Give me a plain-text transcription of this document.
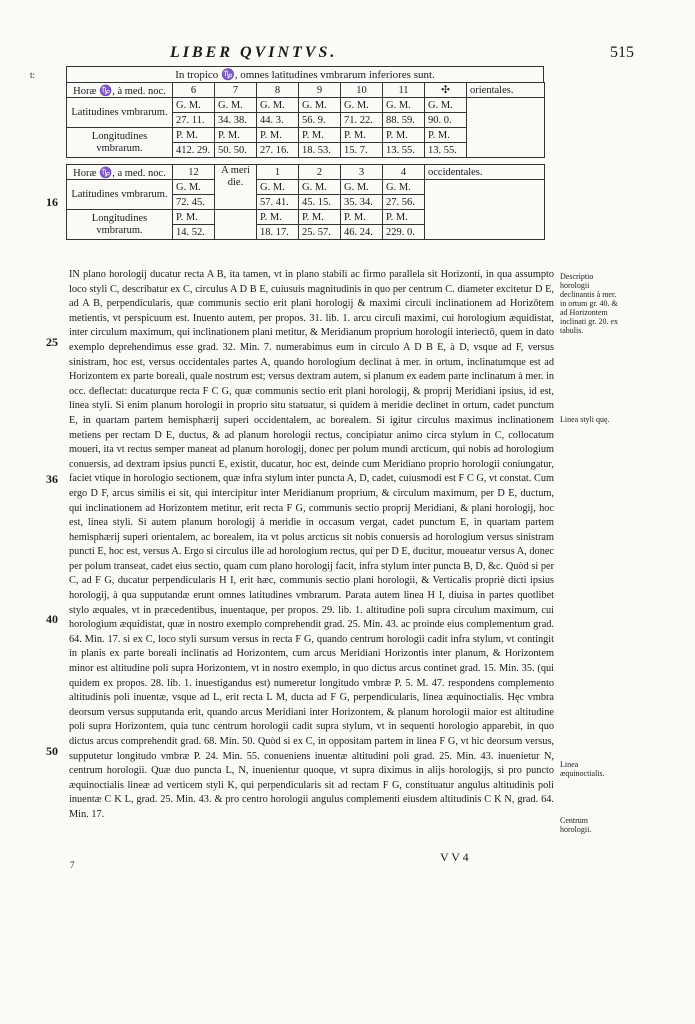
LIBER QVINTVS.	515
t:	In tropico ♑, omnes latitudines vmbrarum inferiores sunt.
Horæ ♑, à med. noc.	6	7	8	9	10	11	✣	orientales.
Latitudines vmbrarum.	G. M.	G. M.	G. M.	G. M.	G. M.	G. M.	G. M.	
	27. 11.	34. 38.	44. 3.	56. 9.	71. 22.	88. 59.	90. 0.	
Longitudines vmbrarum.	P. M.	P. M.	P. M.	P. M.	P. M.	P. M.	P. M.	
	412. 29.	50. 50.	27. 16.	18. 53.	15. 7.	13. 55.	13. 55.	
Horæ ♑, a med. noc.	12	A meri die.	1	2	3	4	occidentales.
Latitudines vmbrarum.	G. M.		G. M.	G. M.	G. M.	G. M.	
	72. 45.		57. 41.	45. 15.	35. 34.	27. 56.	
Longitudines vmbrarum.	P. M.		P. M.	P. M.	P. M.	P. M.	
	14. 52.		18. 17.	25. 57.	46. 24.	229. 0.	
16
25
36
40
50
Descriptio horologii declinantis à mer. in ortum gr. 40. & ad Horizontem inclinati gr. 20. ex tabulis.
Linea styli quę.
Linea æquinoctialis.
Centrum horologii.

IN plano horologij ducatur recta A B, ita tamen, vt in plano stabili ac firmo parallela sit Horizonti, in qua assumpto loco styli C, describatur ex C, circulus A D B E, cuiusuis magnitudinis in quo per centrum C. diameter excitetur D E, ad A B, perpendicularis, quæ communis sectio erit plani horologij & maximi circuli inclinationem ad Horizōtem metientis, vt perspicuum est. Inuento autem, per propos. 31. lib. 1. arcu circuli maximi, cui horologium æquidistat, inter circulum maximum, qui inclinationem plani metitur, & Meridianum proprium horologii interiectō, quem in dato exemplo deprehendimus esse grad. 32. Min. 7. numerabimus eum in circulo A D B E, à D, vsque ad F, versus sinistram, hoc est, versus occidentales partes A, quando horologium declinat à mer. in ortum, inclinatumque est ad Horizontem ex parte boreali, quale nostrum est; versus dextram autem, si planum ex eadem parte inclinatum à mer. in occ. deflectat: ducaturque recta F C G, quæ communis sectio erit plani horologij, & proprij Meridiani ipsius, id est, linea styli. Si enim planum horologii in proprio situ statuatur, si quidem à meridie declinet in ortum, cadet punctum E, in quartam partem hemisphærij superi occidentalem, ac borealem. Si igitur circulus maximus inclinationem metiens per rectam D E, ductus, & ad planum horologii rectus, concipiatur animo circa stylum in C, collocatum moueri, ita vt rectus semper maneat ad planum horologij, donec per polum mundi arcticum, qui nobis ad horologium conuersis, ad dextram ipsius puncti E, existit, ducatur, hoc est, deinde cum Meridiano proprio horologii coniungatur, faciet vtique in horologio sectionem, quæ infra stylum inter puncta A, D, cadet, cuiusmodi est F C G, vt constat. Cum ergo D F, arcus similis ei sit, qui intercipitur inter Meridianum proprium, & circulum maximum, per D E, ductum, qui inclinationem ad Horizontem metitur, erit recta F G, communis sectio proprij Meridiani, & plani horologij, hoc est, linea styli. Si autem planum horologij à meridie in occasum vergat, cadet punctum E, in quartam partem hemisphærij superi orientalem, ac borealem, ita vt polus arcticus sit nobis conuersis ad horologium versus sinistram puncti E, hoc est, versus A. Ergo si circulus ille ad horologium rectus, qui per D E, ducitur, moueatur versus A, donec per polum transeat, cadet eius sectio, quam cum plano horologij facit, infra stylum inter puncta B, D, &c. Quòd si per C, ad F G, ducatur perpendicularis H I, erit hæc, communis sectio plani horologii, & Verticalis propriè dicti ipsius horologij, à qua supputandæ erunt omnes latitudines vmbrarum. Parata autem linea H I, diuisa in partes quotlibet stylo æquales, vt in præcedentibus, inuentaque, per propos. 29. lib. 1. altitudine poli supra circulum maximum, cui horologium æquidistat, quæ in nostro exemplo comprehendit grad. 25. Min. 43. ac proinde eius complementum grad. 64. Min. 17. si ex C, loco styli sursum versus in recta F G, quando centrum horologii cadit infra stylum, vt contingit in planis ex parte boreali inclinatis ad Horizontem, cum arcus Meridiani Horizontis inter planum, & Horizontem minor est altitudine poli supra Horizontem, vt in nostro exemplo, in quo dictus arcus continet grad. 15. Min. 35. (qui quidem ex propos. 28. lib. 1. inuestigandus est) numeretur longitudo vmbræ P. 5. M. 47. respondens complemento altitudinis poli inuentæ, vsque ad L, erit recta L M, ducta ad F G, perpendicularis, linea æquinoctialis. Hęc vmbra deorsum versus supputanda erit, quando arcus Meridiani inter Horizontem, & planum horologii maior est altitudine poli supra Horizontem, quia tunc centrum horologii cadit supra stylum, vt in sequenti horologio apparebit, in quo dictus arcus comprehendit grad. 68. Min. 50. Quòd si ex C, in oppositam partem in linea F G, vt hic deorsum versus, supputetur longitudo vmbræ P. 24. Min. 55. conueniens inuentæ altitudini poli grad. 25. Min. 43. inuenietur N, centrum horologii. Quæ duo puncta L, N, inuenientur quoque, vt supra diximus in alijs horologijs, si pro puncto æquinoctialis lineæ ad verticem styli K, qui perpendicularis sit ad rectam F G, constituatur angulus altitudinis poli inuentæ C K L, grad. 25. Min. 43. & pro centro horologii angulus complementi eiusdem altitudinis C K N, grad. 64. Min. 17.

7
V V 4
